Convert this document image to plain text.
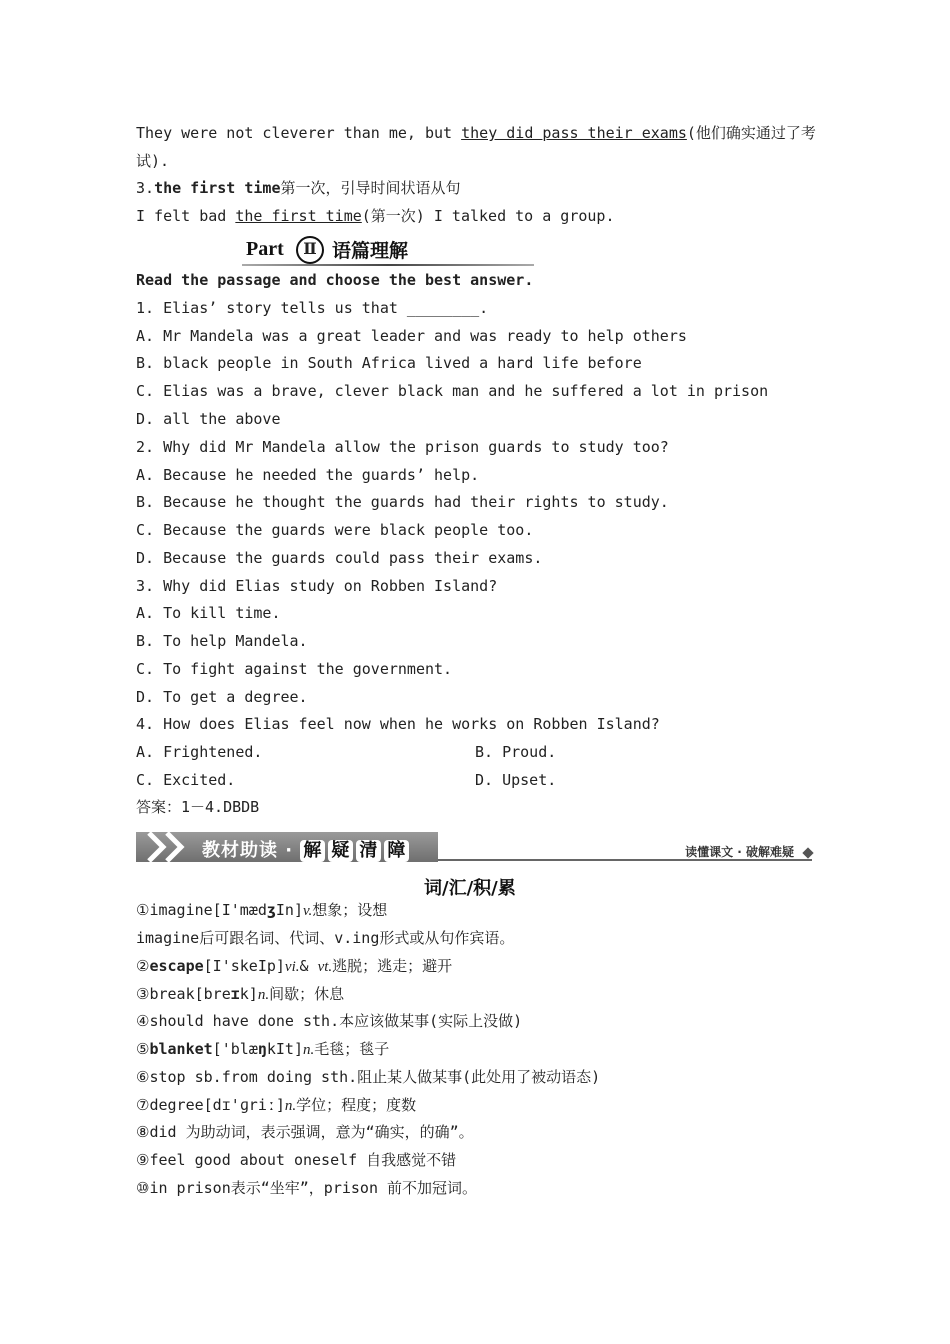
They were not cleverer than me, but they did pass their exams(他们确实通过了考
试).
3.the first time第一次，引导时间状语从句
I felt bad the first time(第一次) I talked to a group.
Read the passage and choose the best answer.
1. Elias’ story tells us that ________.
A. Mr Mandela was a great leader and was ready to help others
B. black people in South Africa lived a hard life before
C. Elias was a brave, clever black man and he suffered a lot in prison
D. all the above
2. Why did Mr Mandela allow the prison guards to study too?
A. Because he needed the guards’ help.
B. Because he thought the guards had their rights to study.
C. Because the guards were black people too.
D. Because the guards could pass their exams.
3. Why did Elias study on Robben Island?
A. To kill time.
B. To help Mandela.
C. To fight against the government.
D. To get a degree.
4. How does Elias feel now when he works on Robben Island?
A. Frightened.	B. Proud.
C. Excited.	D. Upset.
答案：1－4.DBDB
①imagine[I'mædʒIn]v.想象；设想
imagine后可跟名词、代词、v.ing形式或从句作宾语。
②escape[I'skeIp]vi.& vt.逃脱；逃走；避开
③break[breɪk]n.间歇；休息
④should have done sth.本应该做某事(实际上没做)
⑤blanket['blæŋkIt]n.毛毯；毯子
⑥stop sb.from doing sth.阻止某人做某事(此处用了被动语态)
⑦degree[dɪ'ɡriː]n.学位；程度；度数
⑧did 为助动词，表示强调，意为“确实，的确”。
⑨feel good about oneself 自我感觉不错
⑩in prison表示“坐牢”，prison 前不加冠词。
Part	Ⅱ 语篇理解
教材助读 · 解 疑 清 障	读懂课文 · 破解难疑
词/汇/积/累
